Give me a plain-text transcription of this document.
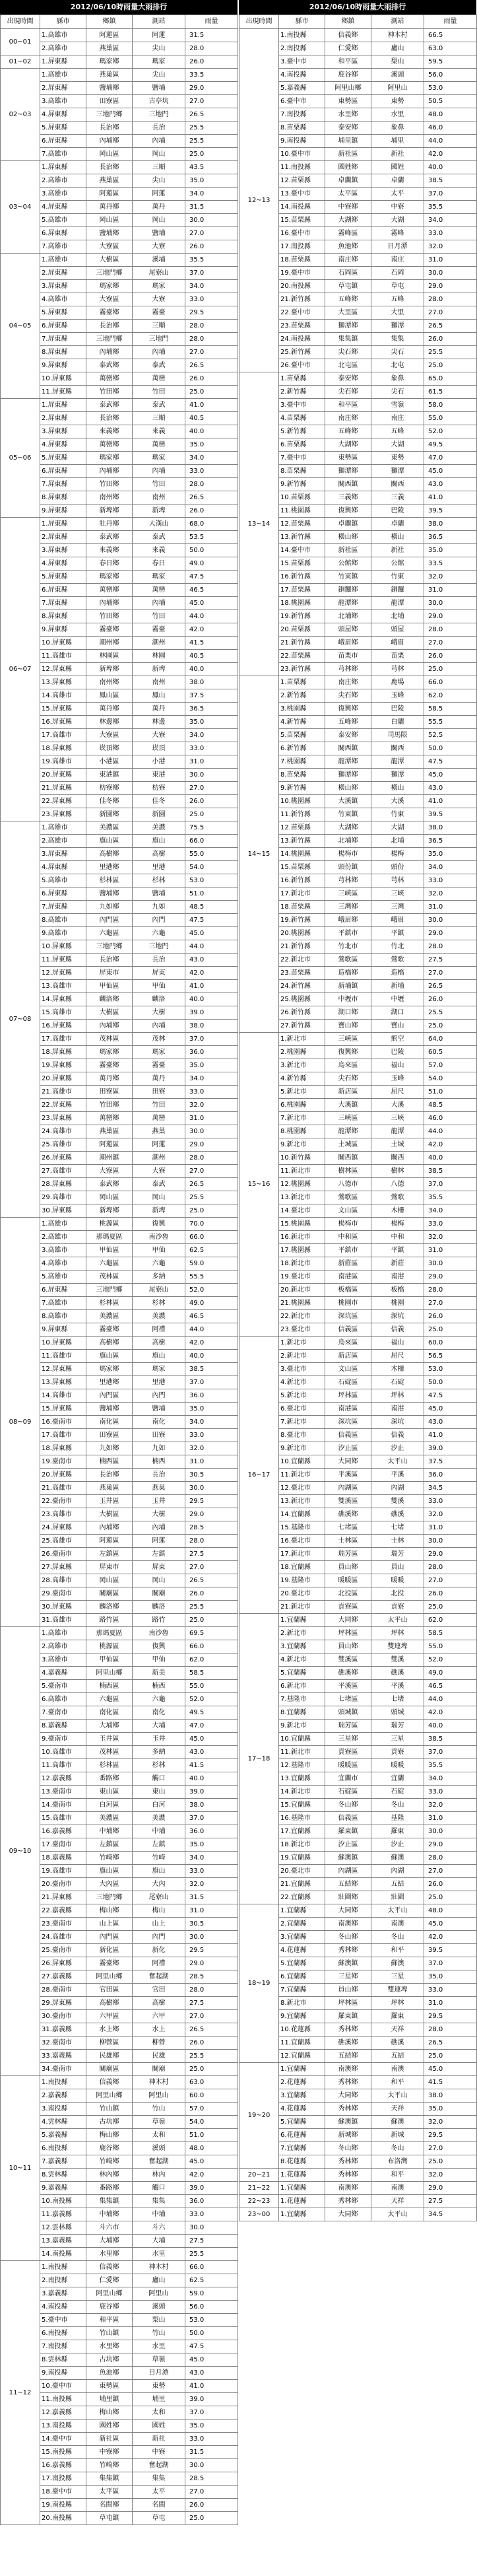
2012/06/10時雨量大雨排行
出現時間	縣市	鄉鎮	測站	雨量
00~01	1.高雄市	阿蓮區	阿蓮	31.5
	2.高雄市	燕巢區	尖山	28.0
01~02	1.屏東縣	瑪家鄉	瑪家	26.0
02~03	1.高雄市	燕巢區	尖山	33.5
	2.屏東縣	鹽埔鄉	鹽埔	29.0
	3.高雄市	田寮區	古亭坑	27.0
	4.屏東縣	三地門鄉	三地門	26.5
	5.屏東縣	長治鄉	長治	25.5
	6.屏東縣	內埔鄉	內埔	25.5
	7.高雄市	岡山區	岡山	25.0
03~04	1.屏東縣	長治鄉	三順	43.5
	2.高雄市	燕巢區	尖山	35.0
	3.高雄市	阿蓮區	阿蓮	34.0
	4.屏東縣	萬丹鄉	萬丹	31.5
	5.高雄市	岡山區	岡山	30.0
	6.屏東縣	鹽埔鄉	鹽埔	27.0
	7.高雄市	大寮區	大寮	26.0
04~05	1.高雄市	大樹區	溪埔	35.5
	2.屏東縣	三地門鄉	尾寮山	37.0
	3.屏東縣	瑪家鄉	瑪家	34.0
	4.高雄市	大寮區	大寮	33.0
	5.屏東縣	霧臺鄉	霧臺	29.5
	6.屏東縣	長治鄉	三順	28.0
	7.屏東縣	三地門鄉	三地門	28.0
	8.屏東縣	內埔鄉	內埔	27.0
	9.屏東縣	泰武鄉	泰武	26.5
	10.屏東縣	萬巒鄉	萬巒	26.0
	11.屏東縣	竹田鄉	竹田	25.0
05~06	1.屏東縣	泰武鄉	泰武	41.0
	2.屏東縣	長治鄉	三順	40.5
	3.屏東縣	來義鄉	來義	40.0
	4.屏東縣	萬巒鄉	萬巒	35.0
	5.屏東縣	瑪家鄉	瑪家	34.0
	6.屏東縣	內埔鄉	內埔	33.0
	7.屏東縣	竹田鄉	竹田	28.0
	8.屏東縣	南州鄉	南州	26.5
	9.屏東縣	新埤鄉	新埤	26.0
06~07	1.屏東縣	牡丹鄉	大漢山	68.0
	2.屏東縣	泰武鄉	泰武	53.5
	3.屏東縣	來義鄉	來義	50.0
	4.屏東縣	春日鄉	春日	49.0
	5.屏東縣	瑪家鄉	瑪家	47.5
	6.屏東縣	萬巒鄉	萬巒	46.5
	7.屏東縣	內埔鄉	內埔	45.0
	8.屏東縣	竹田鄉	竹田	44.0
	9.屏東縣	霧臺鄉	霧臺	42.0
	10.屏東縣	潮州鄉	潮州	41.5
	11.高雄市	林園區	林園	40.5
	12.屏東縣	新埤鄉	新埤	40.0
	13.屏東縣	南州鄉	南州	38.0
	14.高雄市	鳳山區	鳳山	37.5
	15.屏東縣	萬丹鄉	萬丹	36.5
	16.屏東縣	林邊鄉	林邊	35.0
	17.高雄市	大寮區	大寮	34.0
	18.屏東縣	崁頂鄉	崁頂	33.0
	19.高雄市	小港區	小港	31.0
	20.屏東縣	東港鎮	東港	30.0
	21.屏東縣	枋寮鄉	枋寮	27.0
	22.屏東縣	佳冬鄉	佳冬	26.0
	23.屏東縣	新園鄉	新園	25.0
07~08	1.高雄市	美濃區	美濃	75.5
	2.高雄市	旗山區	旗山	66.0
	3.屏東縣	高樹鄉	高樹	55.0
	4.屏東縣	里港鄉	里港	54.0
	5.高雄市	杉林區	杉林	53.0
	6.屏東縣	鹽埔鄉	鹽埔	51.0
	7.屏東縣	九如鄉	九如	48.5
	8.高雄市	內門區	內門	47.5
	9.高雄市	六龜區	六龜	45.0
	10.屏東縣	三地門鄉	三地門	44.0
	11.屏東縣	長治鄉	長治	43.0
	12.屏東縣	屏東市	屏東	42.0
	13.高雄市	甲仙區	甲仙	41.0
	14.屏東縣	麟洛鄉	麟洛	40.0
	15.高雄市	大樹區	大樹	39.0
	16.屏東縣	內埔鄉	內埔	38.0
	17.高雄市	茂林區	茂林	37.0
	18.屏東縣	瑪家鄉	瑪家	36.0
	19.屏東縣	霧臺鄉	霧臺	35.0
	20.屏東縣	萬丹鄉	萬丹	34.0
	21.高雄市	田寮區	田寮	33.0
	22.屏東縣	竹田鄉	竹田	32.0
	23.屏東縣	萬巒鄉	萬巒	31.0
	24.高雄市	燕巢區	燕巢	30.0
	25.高雄市	阿蓮區	阿蓮	29.0
	26.屏東縣	潮州鎮	潮州	28.0
	27.高雄市	大寮區	大寮	27.0
	28.屏東縣	泰武鄉	泰武	26.5
	29.高雄市	岡山區	岡山	25.5
	30.屏東縣	新埤鄉	新埤	25.0
08~09	1.高雄市	桃源區	復興	70.0
	2.高雄市	那瑪夏區	南沙魯	66.0
	3.高雄市	甲仙區	甲仙	62.5
	4.高雄市	六龜區	六龜	59.0
	5.高雄市	茂林區	多納	55.5
	6.屏東縣	三地門鄉	尾寮山	52.0
	7.高雄市	杉林區	杉林	49.0
	8.高雄市	美濃區	美濃	46.5
	9.屏東縣	霧臺鄉	阿禮	44.0
	10.屏東縣	高樹鄉	高樹	42.0
	11.高雄市	旗山區	旗山	40.0
	12.屏東縣	瑪家鄉	瑪家	38.5
	13.屏東縣	里港鄉	里港	37.0
	14.高雄市	內門區	內門	36.0
	15.屏東縣	鹽埔鄉	鹽埔	35.0
	16.臺南市	南化區	南化	34.0
	17.高雄市	田寮區	田寮	33.0
	18.屏東縣	九如鄉	九如	32.0
	19.臺南市	楠西區	楠西	31.0
	20.屏東縣	長治鄉	長治	30.5
	21.高雄市	燕巢區	燕巢	30.0
	22.臺南市	玉井區	玉井	29.5
	23.高雄市	大樹區	大樹	29.0
	24.屏東縣	內埔鄉	內埔	28.5
	25.高雄市	阿蓮區	阿蓮	28.0
	26.臺南市	左鎮區	左鎮	27.5
	27.屏東縣	屏東市	屏東	27.0
	28.高雄市	岡山區	岡山	26.5
	29.臺南市	關廟區	關廟	26.0
	30.屏東縣	麟洛鄉	麟洛	25.5
	31.高雄市	路竹區	路竹	25.0
09~10	1.高雄市	那瑪夏區	南沙魯	69.5
	2.高雄市	桃源區	復興	66.0
	3.高雄市	甲仙區	甲仙	62.0
	4.嘉義縣	阿里山鄉	新美	58.5
	5.臺南市	楠西區	楠西	55.0
	6.高雄市	六龜區	六龜	52.0
	7.臺南市	南化區	南化	49.5
	8.嘉義縣	大埔鄉	大埔	47.0
	9.臺南市	玉井區	玉井	45.0
	10.高雄市	茂林區	多納	43.0
	11.高雄市	杉林區	杉林	41.5
	12.嘉義縣	番路鄉	觸口	40.0
	13.臺南市	東山區	東山	39.0
	14.臺南市	白河區	白河	38.0
	15.高雄市	美濃區	美濃	37.0
	16.嘉義縣	中埔鄉	中埔	36.0
	17.臺南市	左鎮區	左鎮	35.0
	18.嘉義縣	竹崎鄉	竹崎	34.0
	19.高雄市	旗山區	旗山	33.0
	20.臺南市	大內區	大內	32.0
	21.屏東縣	三地門鄉	尾寮山	31.5
	22.嘉義縣	梅山鄉	梅山	31.0
	23.臺南市	山上區	山上	30.5
	24.高雄市	內門區	內門	30.0
	25.臺南市	新化區	新化	29.5
	26.屏東縣	霧臺鄉	阿禮	29.0
	27.嘉義縣	阿里山鄉	奮起湖	28.5
	28.臺南市	官田區	官田	28.0
	29.屏東縣	高樹鄉	高樹	27.5
	30.臺南市	六甲區	六甲	27.0
	31.嘉義縣	水上鄉	水上	26.5
	32.臺南市	柳營區	柳營	26.0
	33.嘉義縣	民雄鄉	民雄	25.5
	34.臺南市	關廟區	關廟	25.0
10~11	1.南投縣	信義鄉	神木村	63.0
	2.嘉義縣	阿里山鄉	阿里山	60.0
	3.南投縣	竹山鎮	竹山	57.0
	4.雲林縣	古坑鄉	草嶺	54.0
	5.嘉義縣	梅山鄉	太和	51.0
	6.南投縣	鹿谷鄉	溪頭	48.0
	7.嘉義縣	竹崎鄉	奮起湖	45.0
	8.雲林縣	林內鄉	林內	42.0
	9.嘉義縣	番路鄉	觸口	39.0
	10.南投縣	集集鎮	集集	36.0
	11.嘉義縣	中埔鄉	中埔	33.0
	12.雲林縣	斗六市	斗六	30.0
	13.嘉義縣	大埔鄉	大埔	27.5
	14.南投縣	水里鄉	水里	25.5
11~12	1.南投縣	信義鄉	神木村	66.0
	2.南投縣	仁愛鄉	廬山	62.5
	3.嘉義縣	阿里山鄉	阿里山	59.0
	4.南投縣	鹿谷鄉	溪頭	56.0
	5.臺中市	和平區	梨山	53.0
	6.南投縣	竹山鎮	竹山	50.0
	7.南投縣	水里鄉	水里	47.5
	8.雲林縣	古坑鄉	草嶺	45.0
	9.南投縣	魚池鄉	日月潭	43.0
	10.臺中市	東勢區	東勢	41.0
	11.南投縣	埔里鎮	埔里	39.0
	12.嘉義縣	梅山鄉	太和	37.0
	13.南投縣	國姓鄉	國姓	35.0
	14.臺中市	新社區	新社	33.0
	15.南投縣	中寮鄉	中寮	31.5
	16.嘉義縣	竹崎鄉	奮起湖	30.0
	17.南投縣	集集鎮	集集	28.5
	18.臺中市	太平區	太平	27.0
	19.南投縣	名間鄉	名間	26.0
	20.南投縣	草屯鎮	草屯	25.0
2012/06/10時雨量大雨排行
出現時間	縣市	鄉鎮	測站	雨量
12~13	1.南投縣	信義鄉	神木村	66.5
	2.南投縣	仁愛鄉	廬山	63.0
	3.臺中市	和平區	梨山	59.5
	4.南投縣	鹿谷鄉	溪頭	56.0
	5.嘉義縣	阿里山鄉	阿里山	53.0
	6.臺中市	東勢區	東勢	50.5
	7.南投縣	水里鄉	水里	48.0
	8.苗栗縣	泰安鄉	象鼻	46.0
	9.南投縣	埔里鎮	埔里	44.0
	10.臺中市	新社區	新社	42.0
	11.南投縣	國姓鄉	國姓	40.0
	12.苗栗縣	卓蘭鎮	卓蘭	38.5
	13.臺中市	太平區	太平	37.0
	14.南投縣	中寮鄉	中寮	35.5
	15.苗栗縣	大湖鄉	大湖	34.0
	16.臺中市	霧峰區	霧峰	33.0
	17.南投縣	魚池鄉	日月潭	32.0
	18.苗栗縣	南庄鄉	南庄	31.0
	19.臺中市	石岡區	石岡	30.0
	20.南投縣	草屯鎮	草屯	29.0
	21.新竹縣	五峰鄉	五峰	28.0
	22.臺中市	大里區	大里	27.0
	23.苗栗縣	獅潭鄉	獅潭	26.5
	24.南投縣	集集鎮	集集	26.0
	25.新竹縣	尖石鄉	尖石	25.5
	26.臺中市	北屯區	北屯	25.0
13~14	1.苗栗縣	泰安鄉	象鼻	65.0
	2.新竹縣	尖石鄉	尖石	61.5
	3.臺中市	和平區	雪嶺	58.0
	4.苗栗縣	南庄鄉	南庄	55.0
	5.新竹縣	五峰鄉	五峰	52.0
	6.苗栗縣	大湖鄉	大湖	49.5
	7.臺中市	東勢區	東勢	47.0
	8.苗栗縣	獅潭鄉	獅潭	45.0
	9.新竹縣	關西鎮	關西	43.0
	10.苗栗縣	三義鄉	三義	41.0
	11.桃園縣	復興鄉	巴陵	39.5
	12.苗栗縣	卓蘭鎮	卓蘭	38.0
	13.新竹縣	橫山鄉	橫山	36.5
	14.臺中市	新社區	新社	35.0
	15.苗栗縣	公館鄉	公館	33.5
	16.新竹縣	竹東鎮	竹東	32.0
	17.苗栗縣	銅鑼鄉	銅鑼	31.0
	18.桃園縣	龍潭鄉	龍潭	30.0
	19.新竹縣	北埔鄉	北埔	29.0
	20.苗栗縣	頭屋鄉	頭屋	28.0
	21.新竹縣	峨眉鄉	峨眉	27.0
	22.苗栗縣	苗栗市	苗栗	26.0
	23.新竹縣	芎林鄉	芎林	25.0
14~15	1.苗栗縣	南庄鄉	鹿場	66.0
	2.新竹縣	尖石鄉	玉峰	62.0
	3.桃園縣	復興鄉	巴陵	58.5
	4.新竹縣	五峰鄉	白蘭	55.5
	5.苗栗縣	泰安鄉	司馬限	52.5
	6.新竹縣	關西鎮	關西	50.0
	7.桃園縣	龍潭鄉	龍潭	47.5
	8.苗栗縣	獅潭鄉	獅潭	45.0
	9.新竹縣	橫山鄉	橫山	43.0
	10.桃園縣	大溪鎮	大溪	41.0
	11.新竹縣	竹東鎮	竹東	39.5
	12.苗栗縣	大湖鄉	大湖	38.0
	13.新竹縣	北埔鄉	北埔	36.5
	14.桃園縣	楊梅市	楊梅	35.0
	15.苗栗縣	頭份鎮	頭份	34.0
	16.新竹縣	芎林鄉	芎林	33.0
	17.新北市	三峽區	三峽	32.0
	18.苗栗縣	三灣鄉	三灣	31.0
	19.新竹縣	峨眉鄉	峨眉	30.0
	20.桃園縣	平鎮市	平鎮	29.0
	21.新竹縣	竹北市	竹北	28.0
	22.新北市	鶯歌區	鶯歌	27.5
	23.苗栗縣	造橋鄉	造橋	27.0
	24.新竹縣	新埔鎮	新埔	26.5
	25.桃園縣	中壢市	中壢	26.0
	26.新竹縣	湖口鄉	湖口	25.5
	27.新竹縣	寶山鄉	寶山	25.0
15~16	1.新北市	三峽區	熊空	64.0
	2.桃園縣	復興鄉	巴陵	60.5
	3.新北市	烏來區	福山	57.0
	4.新竹縣	尖石鄉	玉峰	54.0
	5.新北市	新店區	屈尺	51.0
	6.桃園縣	大溪鎮	大溪	48.5
	7.新北市	三峽區	三峽	46.0
	8.桃園縣	龍潭鄉	龍潭	44.0
	9.新北市	土城區	土城	42.0
	10.新竹縣	關西鎮	關西	40.0
	11.新北市	樹林區	樹林	38.5
	12.桃園縣	八德市	八德	37.0
	13.新北市	鶯歌區	鶯歌	35.5
	14.臺北市	文山區	木柵	34.0
	15.桃園縣	楊梅市	楊梅	33.0
	16.新北市	中和區	中和	32.0
	17.桃園縣	平鎮市	平鎮	31.0
	18.新北市	新莊區	新莊	30.0
	19.臺北市	南港區	南港	29.0
	20.新北市	板橋區	板橋	28.0
	21.桃園縣	桃園市	桃園	27.0
	22.新北市	深坑區	深坑	26.0
	23.臺北市	信義區	信義	25.0
16~17	1.新北市	烏來區	福山	60.0
	2.新北市	新店區	屈尺	56.5
	3.臺北市	文山區	木柵	53.0
	4.新北市	石碇區	石碇	50.0
	5.新北市	坪林區	坪林	47.5
	6.臺北市	南港區	南港	45.0
	7.新北市	深坑區	深坑	43.0
	8.臺北市	信義區	信義	41.0
	9.新北市	汐止區	汐止	39.0
	10.宜蘭縣	大同鄉	太平山	37.5
	11.新北市	平溪區	平溪	36.0
	12.臺北市	內湖區	內湖	34.5
	13.新北市	雙溪區	雙溪	33.0
	14.宜蘭縣	礁溪鄉	礁溪	32.0
	15.基隆市	七堵區	七堵	31.0
	16.臺北市	士林區	士林	30.0
	17.新北市	瑞芳區	瑞芳	29.0
	18.宜蘭縣	員山鄉	員山	28.0
	19.基隆市	暖暖區	暖暖	27.0
	20.臺北市	北投區	北投	26.0
	21.新北市	貢寮區	貢寮	25.0
17~18	1.宜蘭縣	大同鄉	太平山	62.0
	2.新北市	坪林區	坪林	58.5
	3.宜蘭縣	員山鄉	雙連埤	55.0
	4.新北市	雙溪區	雙溪	52.0
	5.宜蘭縣	礁溪鄉	礁溪	49.0
	6.新北市	平溪區	平溪	46.5
	7.基隆市	七堵區	七堵	44.0
	8.宜蘭縣	頭城鎮	頭城	42.0
	9.新北市	瑞芳區	瑞芳	40.0
	10.宜蘭縣	三星鄉	三星	38.5
	11.新北市	貢寮區	貢寮	37.0
	12.基隆市	暖暖區	暖暖	35.5
	13.宜蘭縣	宜蘭市	宜蘭	34.0
	14.新北市	石碇區	石碇	33.0
	15.宜蘭縣	冬山鄉	冬山	32.0
	16.基隆市	信義區	基隆	31.0
	17.宜蘭縣	羅東鎮	羅東	30.0
	18.新北市	汐止區	汐止	29.0
	19.宜蘭縣	蘇澳鎮	蘇澳	28.0
	20.臺北市	內湖區	內湖	27.0
	21.宜蘭縣	五結鄉	五結	26.0
	22.宜蘭縣	壯圍鄉	壯圍	25.0
18~19	1.宜蘭縣	大同鄉	太平山	48.0
	2.宜蘭縣	南澳鄉	南澳	45.0
	3.宜蘭縣	冬山鄉	冬山	42.0
	4.花蓮縣	秀林鄉	和平	39.5
	5.宜蘭縣	蘇澳鎮	蘇澳	37.0
	6.宜蘭縣	三星鄉	三星	35.0
	7.宜蘭縣	員山鄉	雙連埤	33.0
	8.新北市	坪林區	坪林	31.0
	9.宜蘭縣	羅東鎮	羅東	29.5
	10.花蓮縣	秀林鄉	天祥	28.0
	11.宜蘭縣	礁溪鄉	礁溪	26.5
	12.宜蘭縣	五結鄉	五結	25.0
19~20	1.宜蘭縣	南澳鄉	南澳	45.0
	2.花蓮縣	秀林鄉	和平	41.5
	3.宜蘭縣	大同鄉	太平山	38.0
	4.花蓮縣	秀林鄉	天祥	35.0
	5.宜蘭縣	蘇澳鎮	蘇澳	32.0
	6.花蓮縣	新城鄉	新城	29.5
	7.宜蘭縣	冬山鄉	冬山	27.0
	8.花蓮縣	秀林鄉	布洛灣	25.0
20~21	1.花蓮縣	秀林鄉	和平	32.0
21~22	1.宜蘭縣	南澳鄉	南澳	29.0
22~23	1.花蓮縣	秀林鄉	天祥	27.5
23~00	1.宜蘭縣	大同鄉	太平山	34.5
